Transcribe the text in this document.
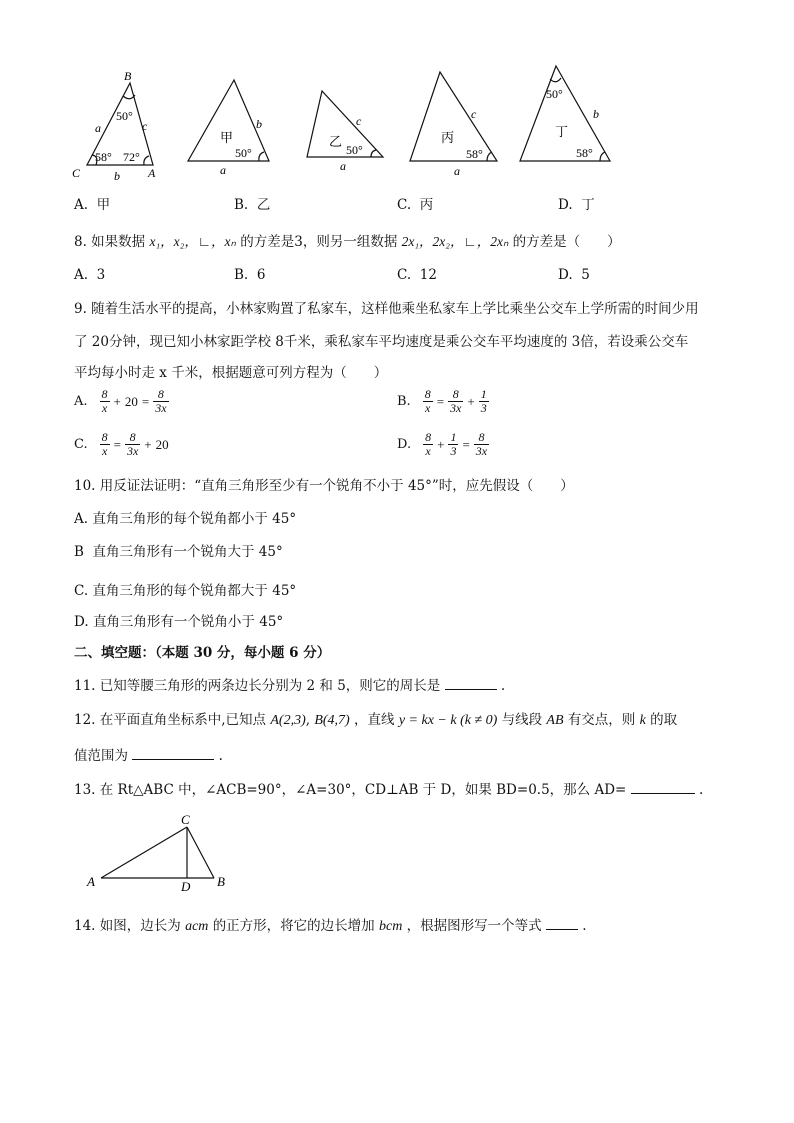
B
C	A
a	c
b
50°
58° 72°
甲
b
50°
a
乙
c
50°
a
丙
c
58°
a
丁
b
50°
58°
A. 甲	B. 乙	C. 丙	D. 丁
8. 如果数据 x₁，x₂，∟，xₙ 的方差是3，则另一组数据 2x₁，2x₂，∟，2xₙ 的方差是（　　）
A. 3	B. 6	C. 12	D. 5
9. 随着生活水平的提高，小林家购置了私家车，这样他乘坐私家车上学比乘坐公交车上学所需的时间少用
了 20分钟，现已知小林家距学校 8千米，乘私家车平均速度是乘公交车平均速度的 3倍，若设乘公交车
平均每小时走 x 千米，根据题意可列方程为（　　）
A. $\frac{8}{x} + 20 = \frac{8}{3x}$	B. $\frac{8}{x} = \frac{8}{3x} + \frac{1}{3}$
C. $\frac{8}{x} = \frac{8}{3x} + 20$	D. $\frac{8}{x} + \frac{1}{3} = \frac{8}{3x}$
10. 用反证法证明：“直角三角形至少有一个锐角不小于 45°”时，应先假设（　　）
A. 直角三角形的每个锐角都小于 45°
B 直角三角形有一个锐角大于 45°
C. 直角三角形的每个锐角都大于 45°
D. 直角三角形有一个锐角小于 45°
二、填空题：（本题 30 分，每小题 6 分）
11. 已知等腰三角形的两条边长分别为 2 和 5，则它的周长是	.
12. 在平面直角坐标系中,已知点 A(2,3), B(4,7) ，直线 y = kx − k (k ≠ 0) 与线段 AB 有交点，则 k 的取
值范围为	.
13. 在 Rt△ABC 中，∠ACB=90°，∠A=30°，CD⊥AB 于 D，如果 BD=0.5，那么 AD=	.
C
A	D B
14. 如图，边长为 acm 的正方形，将它的边长增加 bcm ，根据图形写一个等式	.
